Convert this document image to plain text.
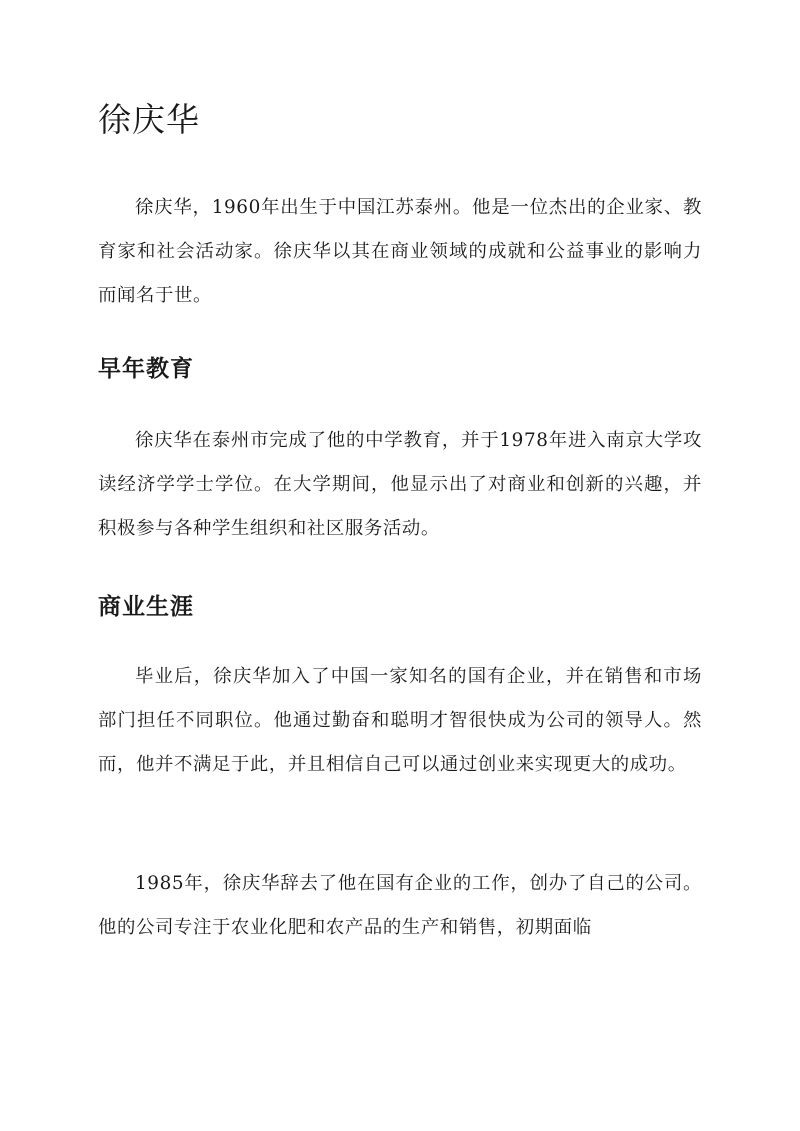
徐庆华

徐庆华，1960年出生于中国江苏泰州。他是一位杰出的企业家、教育家和社会活动家。徐庆华以其在商业领域的成就和公益事业的影响力而闻名于世。

早年教育

徐庆华在泰州市完成了他的中学教育，并于1978年进入南京大学攻读经济学学士学位。在大学期间，他显示出了对商业和创新的兴趣，并积极参与各种学生组织和社区服务活动。

商业生涯

毕业后，徐庆华加入了中国一家知名的国有企业，并在销售和市场部门担任不同职位。他通过勤奋和聪明才智很快成为公司的领导人。然而，他并不满足于此，并且相信自己可以通过创业来实现更大的成功。

1985年，徐庆华辞去了他在国有企业的工作，创办了自己的公司。他的公司专注于农业化肥和农产品的生产和销售，初期面临
